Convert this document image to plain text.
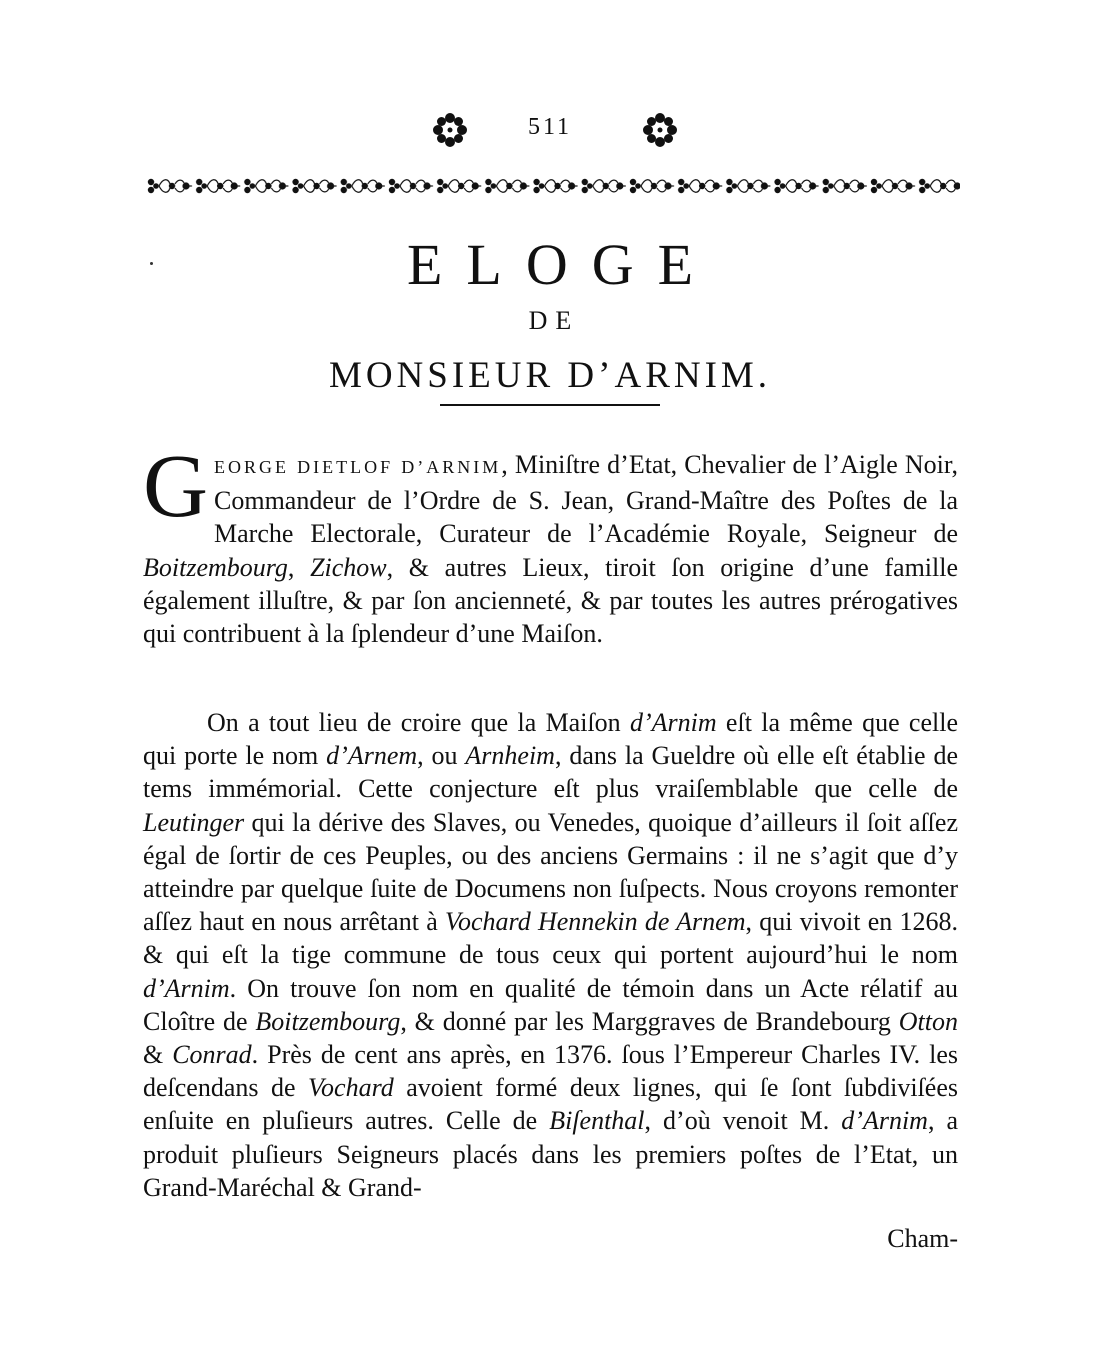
511
ELOGE
DE
MONSIEUR D’ARNIM.

GEORGE DIETLOF D’ARNIM, Miniſtre d’Etat, Chevalier de l’Aigle Noir, Commandeur de l’Ordre de S. Jean, Grand-Maître des Poſtes de la Marche Electorale, Curateur de l’Académie Royale, Seigneur de Boitzembourg, Zichow, & autres Lieux, tiroit ſon origine d’une famille également illuſtre, & par ſon ancienneté, & par toutes les autres prérogatives qui contribuent à la ſplendeur d’une Maiſon.

On a tout lieu de croire que la Maiſon d’Arnim eſt la même que celle qui porte le nom d’Arnem, ou Arnheim, dans la Gueldre où elle eſt établie de tems immémorial. Cette conjecture eſt plus vraiſemblable que celle de Leutinger qui la dérive des Slaves, ou Venedes, quoique d’ailleurs il ſoit aſſez égal de ſortir de ces Peuples, ou des anciens Germains : il ne s’agit que d’y atteindre par quelque ſuite de Documens non ſuſpects. Nous croyons remonter aſſez haut en nous arrêtant à Vochard Hennekin de Arnem, qui vivoit en 1268. & qui eſt la tige commune de tous ceux qui portent aujourd’hui le nom d’Arnim. On trouve ſon nom en qualité de témoin dans un Acte rélatif au Cloître de Boitzembourg, & donné par les Marggraves de Brandebourg Otton & Conrad. Près de cent ans après, en 1376. ſous l’Empereur Charles IV. les deſcendans de Vochard avoient formé deux lignes, qui ſe ſont ſubdiviſées enſuite en pluſieurs autres. Celle de Biſenthal, d’où venoit M. d’Arnim, a produit pluſieurs Seigneurs placés dans les premiers poſtes de l’Etat, un Grand-Maréchal & Grand-

Cham-
